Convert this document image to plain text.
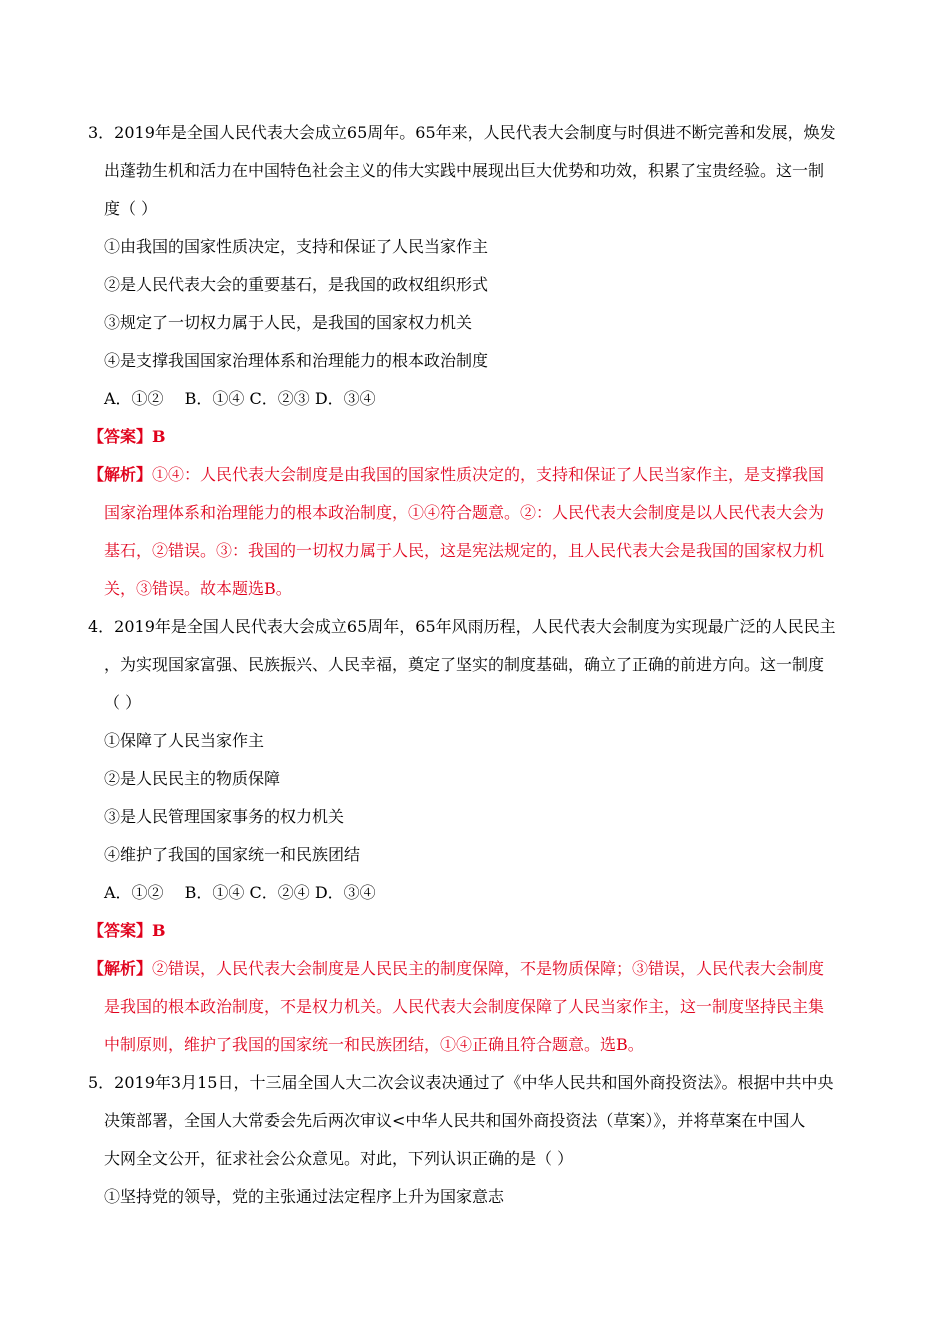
3．2019年是全国人民代表大会成立65周年。65年来，人民代表大会制度与时俱进不断完善和发展，焕发
出蓬勃生机和活力在中国特色社会主义的伟大实践中展现出巨大优势和功效，积累了宝贵经验。这一制
度（ ）
①由我国的国家性质决定，支持和保证了人民当家作主
②是人民代表大会的重要基石，是我国的政权组织形式
③规定了一切权力属于人民，是我国的国家权力机关
④是支撑我国国家治理体系和治理能力的根本政治制度
A．①②　 B．①④ C．②③ D．③④
【答案】B
【解析】①④：人民代表大会制度是由我国的国家性质决定的，支持和保证了人民当家作主，是支撑我国
国家治理体系和治理能力的根本政治制度，①④符合题意。②：人民代表大会制度是以人民代表大会为
基石，②错误。③：我国的一切权力属于人民，这是宪法规定的，且人民代表大会是我国的国家权力机
关，③错误。故本题选B。
4．2019年是全国人民代表大会成立65周年，65年风雨历程，人民代表大会制度为实现最广泛的人民民主
，为实现国家富强、民族振兴、人民幸福，奠定了坚实的制度基础，确立了正确的前进方向。这一制度
（ ）
①保障了人民当家作主
②是人民民主的物质保障
③是人民管理国家事务的权力机关
④维护了我国的国家统一和民族团结
A．①②　 B．①④ C．②④ D．③④
【答案】B
【解析】②错误，人民代表大会制度是人民民主的制度保障，不是物质保障；③错误，人民代表大会制度
是我国的根本政治制度，不是权力机关。人民代表大会制度保障了人民当家作主，这一制度坚持民主集
中制原则，维护了我国的国家统一和民族团结，①④正确且符合题意。选B。
5．2019年3月15日，十三届全国人大二次会议表决通过了《中华人民共和国外商投资法》。根据中共中央
决策部署，全国人大常委会先后两次审议<中华人民共和国外商投资法（草案）》，并将草案在中国人
大网全文公开，征求社会公众意见。对此，下列认识正确的是（ ）
①坚持党的领导，党的主张通过法定程序上升为国家意志
